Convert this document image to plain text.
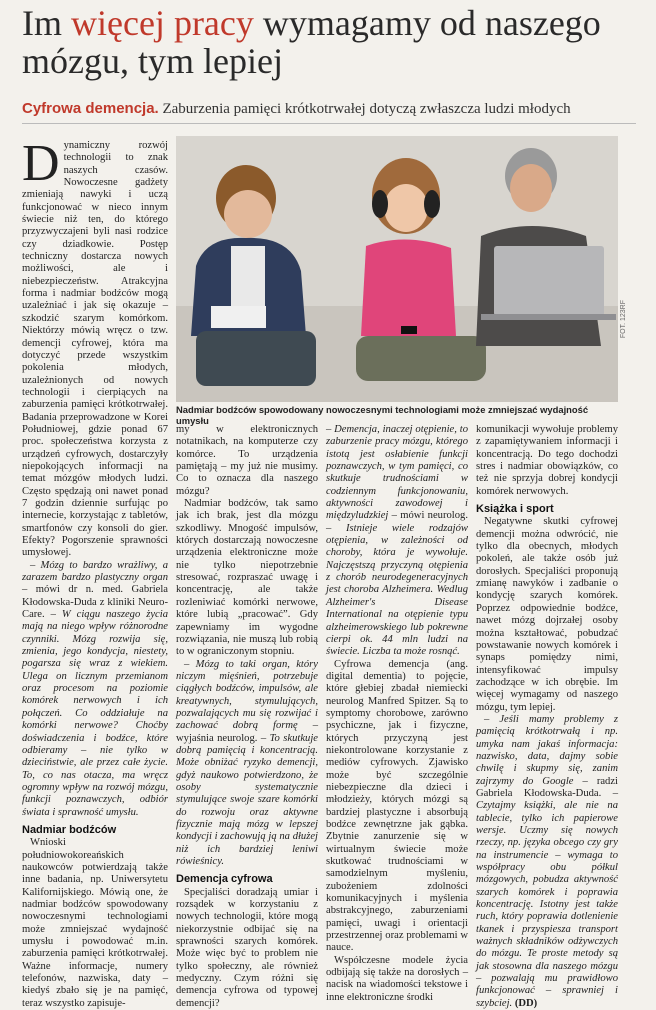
Im więcej pracy wymagamy od naszego mózgu, tym lepiej
Cyfrowa demencja. Zaburzenia pamięci krótkotrwałej dotyczą zwłaszcza ludzi młodych

Dynamiczny rozwój technologii to znak naszych czasów. Nowoczesne gadżety zmieniają nawyki i uczą funkcjonować w nieco innym świecie niż ten, do którego przyzwyczajeni byli nasi rodzice czy dziadkowie. Postęp techniczny dostarcza nowych możliwości, ale i niebezpieczeństw. Atrakcyjna forma i nadmiar bodźców mogą uzależniać i jak się okazuje – szkodzić szarym komórkom. Niektórzy mówią wręcz o tzw. demencji cyfrowej, która ma dotyczyć przede wszystkim pokolenia młodych, uzależnionych od nowych technologii i cierpiących na zaburzenia pamięci krótkotrwałej. Badania przeprowadzone w Korei Południowej, gdzie ponad 67 proc. społeczeństwa korzysta z urządzeń cyfrowych, dostarczyły niepokojących informacji na temat mózgów młodych ludzi. Często spędzają oni nawet ponad 7 godzin dziennie surfując po internecie, korzystając z tabletów, smartfonów czy konsoli do gier. Efekty? Pogorszenie sprawności umysłowej.

– Mózg to bardzo wrażliwy, a zarazem bardzo plastyczny organ – mówi dr n. med. Gabriela Kłodowska-Duda z kliniki Neuro-Care. – W ciągu naszego życia mają na niego wpływ różnorodne czynniki. Mózg rozwija się, zmienia, jego kondycja, niestety, pogarsza się wraz z wiekiem. Ulega on licznym przemianom oraz procesom na poziomie komórek nerwowych i ich połączeń. Co oddziałuje na komórki nerwowe? Choćby doświadczenia i bodźce, które odbieramy – nie tylko w dzieciństwie, ale przez całe życie. To, co nas otacza, ma wręcz ogromny wpływ na rozwój mózgu, funkcji poznawczych, odbiór świata i sprawność umysłu.

Nadmiar bodźców

Wnioski południowokoreańskich naukowców potwierdzają także inne badania, np. Uniwersytetu Kalifornijskiego. Mówią one, że nadmiar bodźców spowodowany nowoczesnymi technologiami może zmniejszać wydajność umysłu i powodować m.in. zaburzenia pamięci krótkotrwałej. Ważne informacje, numery telefonów, nazwiska, daty – kiedyś zbało się je na pamięć, teraz wszystko zapisuje-

FOT. 123RF
Nadmiar bodźców spowodowany nowoczesnymi technologiami może zmniejszać wydajność umysłu

my w elektronicznych notatnikach, na komputerze czy komórce. To urządzenia pamiętają – my już nie musimy. Co to oznacza dla naszego mózgu?

Nadmiar bodźców, tak samo jak ich brak, jest dla mózgu szkodliwy. Mnogość impulsów, których dostarczają nowoczesne urządzenia elektroniczne może nie tylko niepotrzebnie stresować, rozpraszać uwagę i koncentrację, ale także rozleniwiać komórki nerwowe, które lubią „pracować”. Gdy zapewniamy im wygodne rozwiązania, nie muszą lub robią to w ograniczonym stopniu.

– Mózg to taki organ, który niczym mięśnień, potrzebuje ciągłych bodźców, impulsów, ale kreatywnych, stymulujących, pozwalających mu się rozwijać i zachować dobrą formę – wyjaśnia neurolog. – To skutkuje dobrą pamięcią i koncentracją. Może obniżać ryzyko demencji, gdyż naukowo potwierdzono, że osoby systematycznie stymulujące swoje szare komórki do rozwoju oraz aktywne fizycznie mają mózg w lepszej kondycji i zachowują ją na dłużej niż ich bardziej leniwi rówieśnicy.

Demencja cyfrowa

Specjaliści doradzają umiar i rozsądek w korzystaniu z nowych technologii, które mogą niekorzystnie odbijać się na sprawności szarych komórek. Może więc być to problem nie tylko społeczny, ale również medyczny. Czym różni się demencja cyfrowa od typowej demencji?

– Demencja, inaczej otępienie, to zaburzenie pracy mózgu, którego istotą jest osłabienie funkcji poznawczych, w tym pamięci, co skutkuje trudnościami w codziennym funkcjonowaniu, aktywności zawodowej i międzyludzkiej – mówi neurolog. – Istnieje wiele rodzajów otępienia, w zależności od choroby, która je wywołuje. Najczęstszą przyczyną otępienia z chorób neurodegeneracyjnych jest choroba Alzheimera. Wedlug Alzheimer's Disease International na otępienie typu alzheimerowskiego lub pokrewne cierpi ok. 44 mln ludzi na świecie. Liczba ta może rosnąć.

Cyfrowa demencja (ang. digital dementia) to pojęcie, które głebiej zbadał niemiecki neurolog Manfred Spitzer. Są to symptomy chorobowe, zarówno psychiczne, jak i fizyczne, których przyczyną jest niekontrolowane korzystanie z mediów cyfrowych. Zjawisko może być szczególnie niebezpieczne dla dzieci i młodzieży, których mózgi są bardziej plastyczne i absorbują bodźce zewnętrzne jak gąbka. Zbytnie zanurzenie się w wirtualnym świecie może skutkować trudnościami w samodzielnym myśleniu, zubożeniem zdolności komunikacyjnych i myślenia abstrakcyjnego, zaburzeniami pamięci, uwagi i orientacji przestrzennej oraz problemami w nauce.

Współczesne modele życia odbijają się także na dorosłych – nacisk na wiadomości tekstowe i inne elektroniczne środki

komunikacji wywołuje problemy z zapamiętywaniem informacji i koncentracją. Do tego dochodzi stres i nadmiar obowiązków, co też nie sprzyja dobrej kondycji komórek nerwowych.

Książka i sport

Negatywne skutki cyfrowej demencji można odwrócić, nie tylko dla obecnych, młodych pokoleń, ale także osób już dorosłych. Specjaliści proponują zmianę nawyków i zadbanie o kondycję szarych komórek. Poprzez odpowiednie bodźce, nawet mózg dojrzałej osoby można kształtować, pobudzać powstawanie nowych komórek i synaps pomiędzy nimi, intensyfikować impulsy zachodzące w ich obrębie. Im więcej wymagamy od naszego mózgu, tym lepiej.

– Jeśli mamy problemy z pamięcią krótkotrwałą i np. umyka nam jakaś informacja: nazwisko, data, dajmy sobie chwilę i skupmy się, zanim zajrzymy do Google – radzi Gabriela Kłodowska-Duda. – Czytajmy książki, ale nie na tablecie, tylko ich papierowe wersje. Uczmy się nowych rzeczy, np. języka obcego czy gry na instrumencie – wymaga to współpracy obu półkul mózgowych, pobudza aktywność szarych komórek i poprawia koncentrację. Istotny jest także ruch, który poprawia dotlenienie tkanek i przyspiesza transport ważnych składników odżywczych do mózgu. Te proste metody są jak stosowna dla naszego mózgu – pozwalają mu prawidłowo funkcjonować – sprawniej i szybciej. (DD)
